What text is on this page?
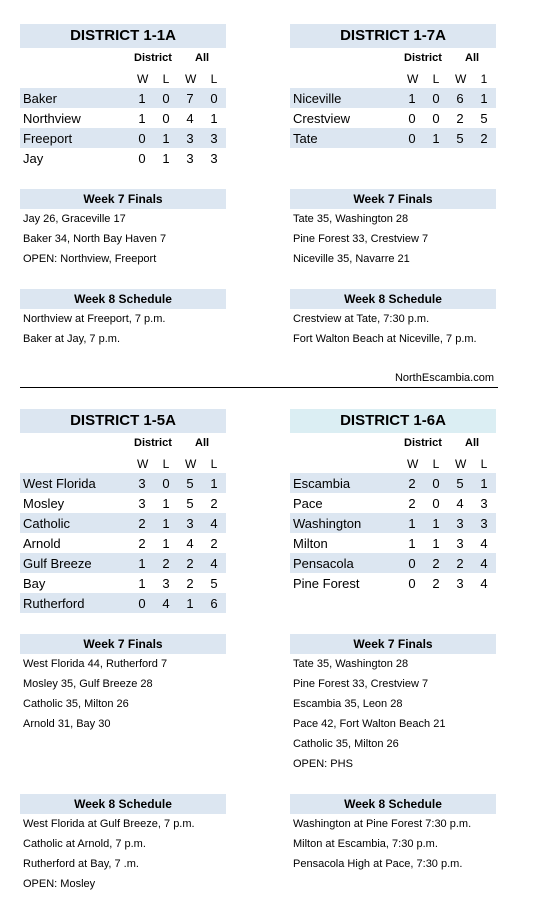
DISTRICT 1-1A
District All
W L W L
Baker	1 0 7 0
Northview	1 0 4 1
Freeport	0 1 3 3
Jay	0 1 3 3
Week 7 Finals
Jay 26, Graceville 17
Baker 34, North Bay Haven 7
OPEN: Northview, Freeport
Week 8 Schedule
Northview at Freeport, 7 p.m.
Baker at Jay, 7 p.m.
DISTRICT 1-7A
District All
W L W 1
Niceville	1 0 6 1
Crestview	0 0 2 5
Tate	0 1 5 2
Week 7 Finals
Tate 35, Washington 28
Pine Forest 33, Crestview 7
Niceville 35, Navarre 21
Week 8 Schedule
Crestview at Tate, 7:30 p.m.
Fort Walton Beach at Niceville, 7 p.m.
NorthEscambia.com
DISTRICT 1-5A
District All
W L W L
West Florida	3 0 5 1
Mosley	3 1 5 2
Catholic	2 1 3 4
Arnold	2 1 4 2
Gulf Breeze	1 2 2 4
Bay	1 3 2 5
Rutherford	0 4 1 6
Week 7 Finals
West Florida 44, Rutherford 7
Mosley 35, Gulf Breeze 28
Catholic 35, Milton 26
Arnold 31, Bay 30
Week 8 Schedule
West Florida at Gulf Breeze, 7 p.m.
Catholic at Arnold, 7 p.m.
Rutherford at Bay, 7 .m.
OPEN: Mosley
DISTRICT 1-6A
District All
W L W L
Escambia	2 0 5 1
Pace	2 0 4 3
Washington	1 1 3 3
Milton	1 1 3 4
Pensacola	0 2 2 4
Pine Forest	0 2 3 4
Week 7 Finals
Tate 35, Washington 28
Pine Forest 33, Crestview 7
Escambia 35, Leon 28
Pace 42, Fort Walton Beach 21
Catholic 35, Milton 26
OPEN: PHS
Week 8 Schedule
Washington at Pine Forest 7:30 p.m.
Milton at Escambia, 7:30 p.m.
Pensacola High at Pace, 7:30 p.m.
